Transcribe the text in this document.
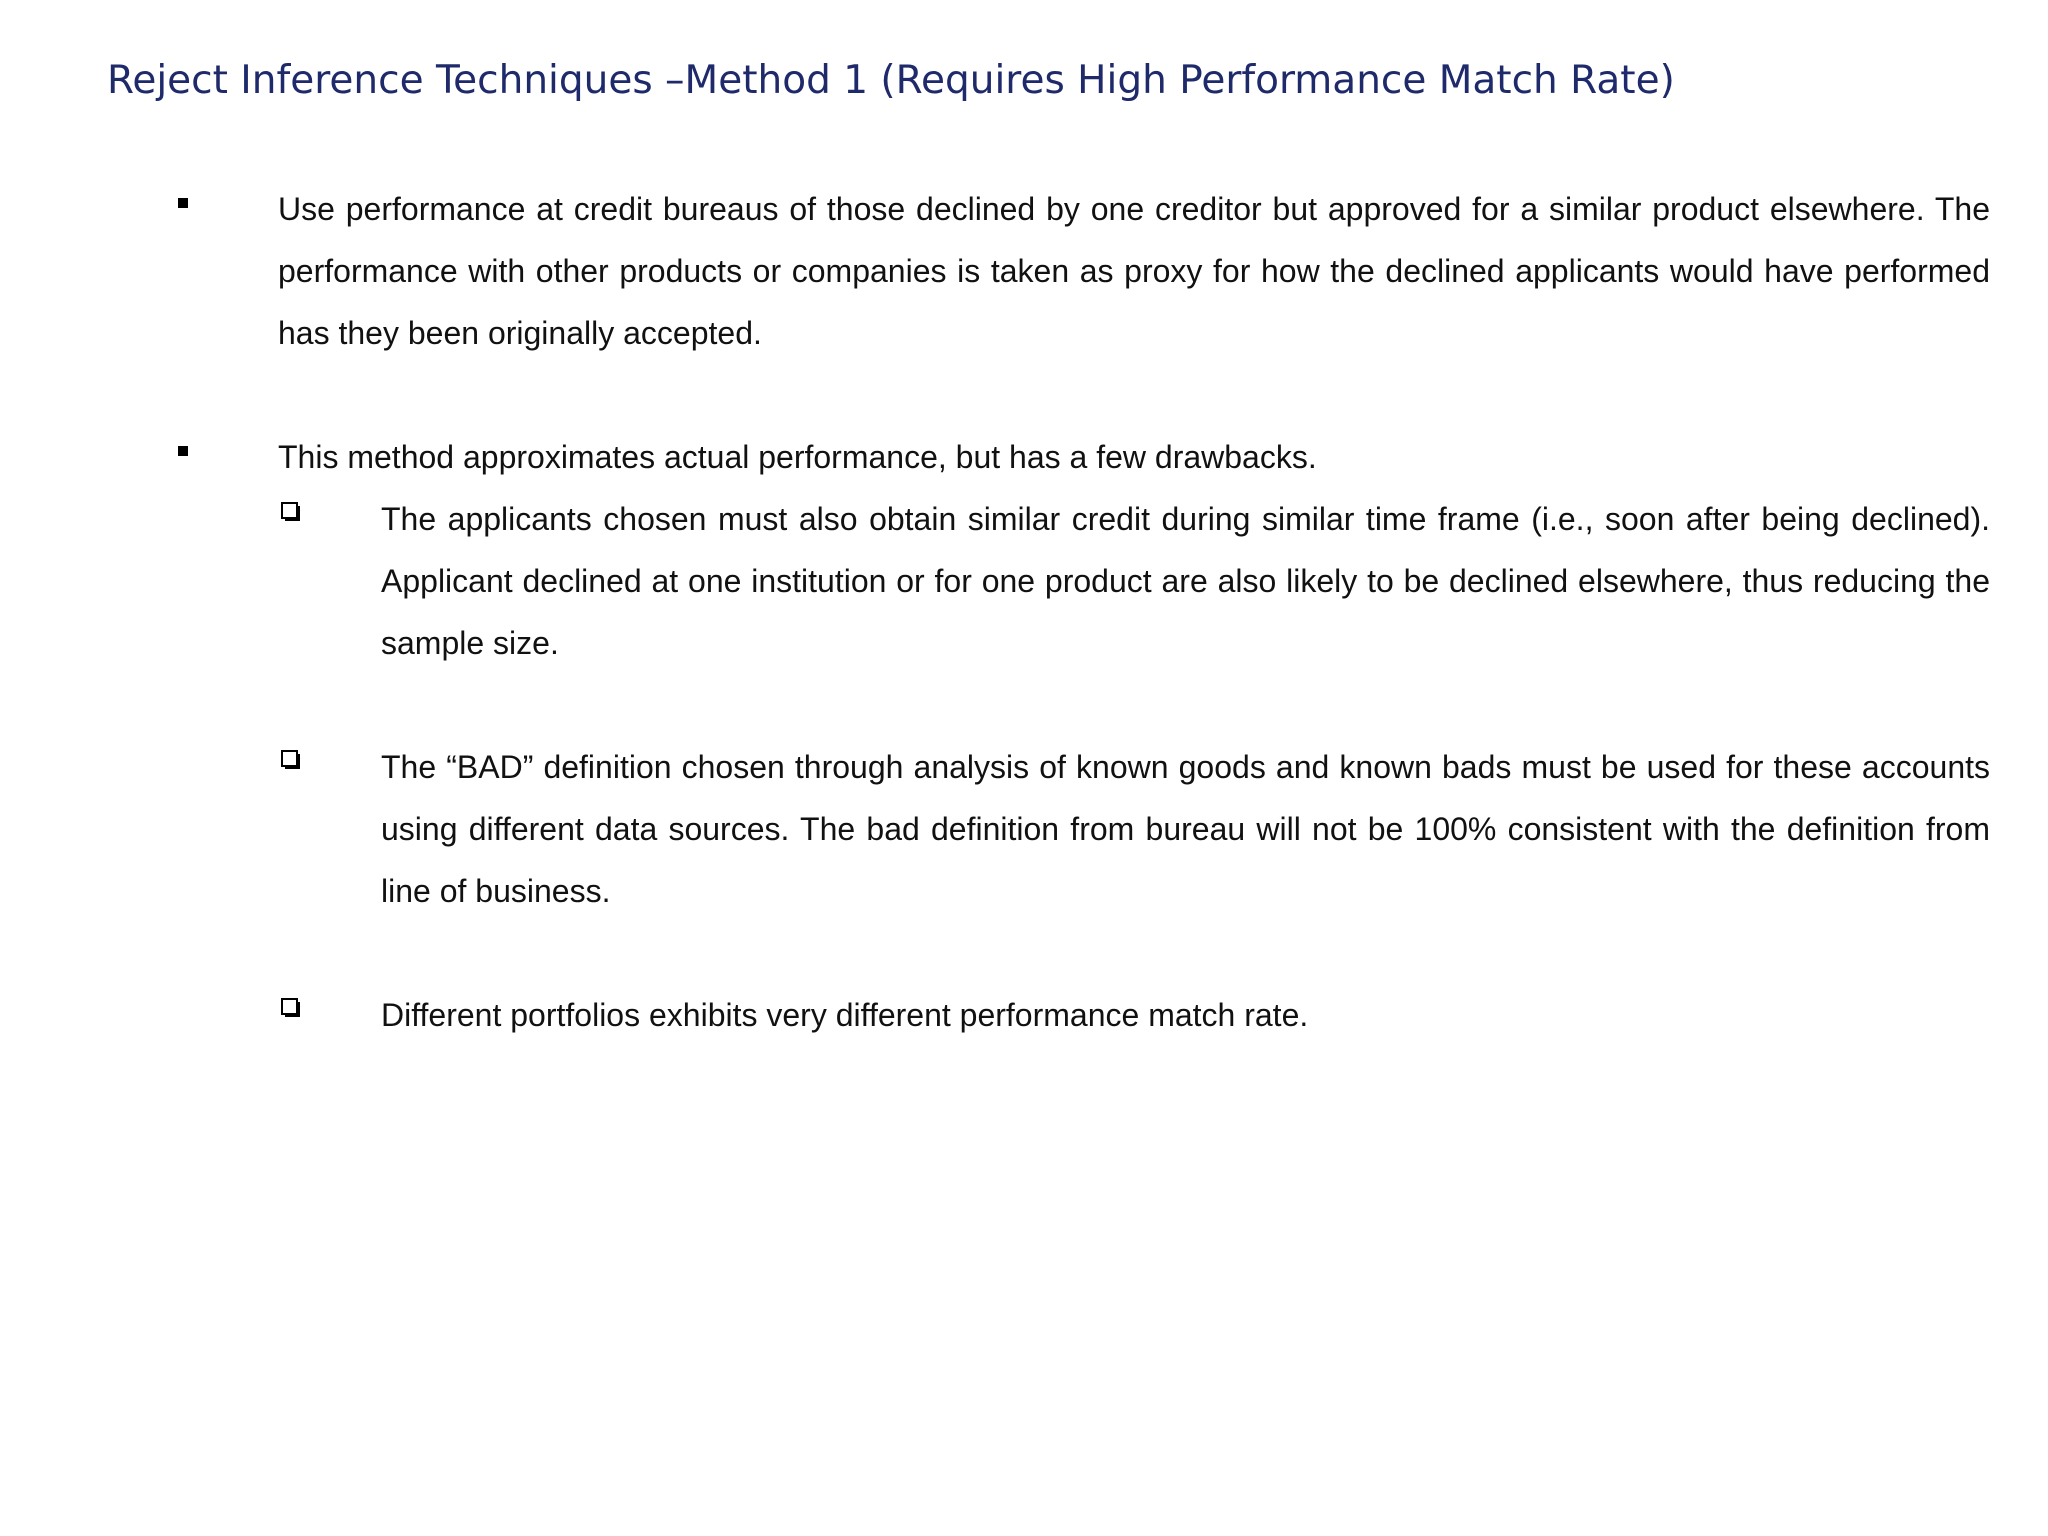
Reject Inference Techniques –Method 1 (Requires High Performance Match Rate)

Use performance at credit bureaus of those declined by one creditor but approved for a similar product elsewhere. The performance with other products or companies is taken as proxy for how the declined applicants would have performed has they been originally accepted.

This method approximates actual performance, but has a few drawbacks.

The applicants chosen must also obtain similar credit during similar time frame (i.e., soon after being declined). Applicant declined at one institution or for one product are also likely to be declined elsewhere, thus reducing the sample size.

The “BAD” definition chosen through analysis of known goods and known bads must be used for these accounts using different data sources. The bad definition from bureau will not be 100% consistent with the definition from line of business.

Different portfolios exhibits very different performance match rate.
